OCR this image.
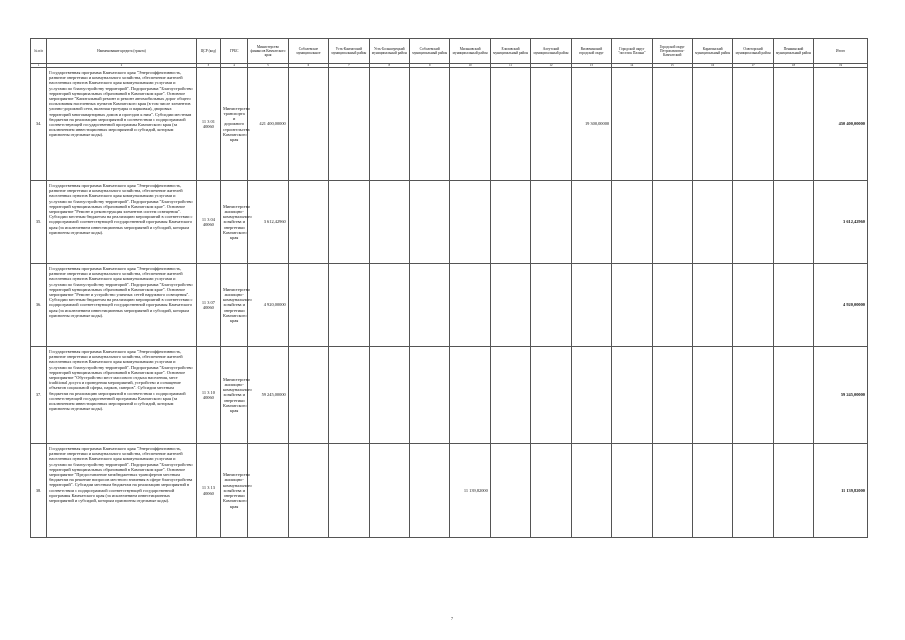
№ п/п	Наименование кредита (гранта)	ЦСР (код)	ГРБС	Министерство финансов Камчатского края	Соболевское муниципальное	Усть-Камчатский муниципальный район	Усть-Большерецкий муниципальный район	Соболевский муниципальный район	Мильковский муниципальный район	Елизовский муниципальный район	Алеутский муниципальный район	Вилючинский городской округ	Городской округ "поселок Палана"	Городской округ Петропавловск-Камчатский	Карагинский муниципальный район	Олюторский муниципальный район	Пенжинский муниципальный район	Итого
1	2	3	4	5	6	7	8	9	10	11	12	13	14	15	16	17	18	19
34.	Государственная программа Камчатского края "Энергоэффективность, развитие энергетики и коммунального хозяйства, обеспечение жителей населенных пунктов Камчатского края коммунальными услугами и услугами по благоустройству территорий". Подпрограмма "Благоустройство территорий муниципальных образований в Камчатском крае". Основное мероприятие "Капитальный ремонт и ремонт автомобильных дорог общего пользования населенных пунктов Камчатского края (в том числе элементов улично-дорожной сети, включая тротуары и парковки), дворовых территорий многоквартирных домов и проездов к ним". Субсидии местным бюджетам на реализацию мероприятий в соответствии с подпрограммой соответствующей государственной программы Камчатского края (за исключением инвестиционных мероприятий и субсидий, которым присвоены отдельные коды).	11 3 01 40060	Министерство транспорта и дорожного строительства Камчатского края	421 400,00000								19 300,00000						450 400,00000
35.	Государственная программа Камчатского края "Энергоэффективность, развитие энергетики и коммунального хозяйства, обеспечение жителей населенных пунктов Камчатского края коммунальными услугами и услугами по благоустройству территорий". Подпрограмма "Благоустройство территорий муниципальных образований в Камчатском крае". Основное мероприятие "Ремонт и реконструкция элементов систем освещения". Субсидии местным бюджетам на реализацию мероприятий в соответствии с подпрограммой соответствующей государственной программы Камчатского края (за исключением инвестиционных мероприятий и субсидий, которым присвоены отдельные коды).	11 3 04 40060	Министерство жилищно-коммунального хозяйства и энергетики Камчатского края	3 612,42960														3 612,42960
36.	Государственная программа Камчатского края "Энергоэффективность, развитие энергетики и коммунального хозяйства, обеспечение жителей населенных пунктов Камчатского края коммунальными услугами и услугами по благоустройству территорий". Подпрограмма "Благоустройство территорий муниципальных образований в Камчатском крае". Основное мероприятие "Ремонт и устройство уличных сетей наружного освещения". Субсидии местным бюджетам на реализацию мероприятий в соответствии с подпрограммой соответствующей государственной программы Камчатского края (за исключением инвестиционных мероприятий и субсидий, которым присвоены отдельные коды).	11 3 07 40060	Министерство жилищно-коммунального хозяйства и энергетики Камчатского края	4 920,00000														4 920,00000
37.	Государственная программа Камчатского края "Энергоэффективность, развитие энергетики и коммунального хозяйства, обеспечение жителей населенных пунктов Камчатского края коммунальными услугами и услугами по благоустройству территорий". Подпрограмма "Благоустройство территорий муниципальных образований в Камчатском крае". Основное мероприятие "Обустройство мест массового отдыха населения, мест traditional досуга и проведения мероприятий, устройство и оснащение объектов социальной сферы, парков, скверов". Субсидии местным бюджетам на реализацию мероприятий в соответствии с подпрограммой соответствующей государственной программы Камчатского края (за исключением инвестиционных мероприятий и субсидий, которым присвоены отдельные коды).	11 3 10 40060	Министерство жилищно-коммунального хозяйства и энергетики Камчатского края	59 245,00000														59 245,00000
38.	Государственная программа Камчатского края "Энергоэффективность, развитие энергетики и коммунального хозяйства, обеспечение жителей населенных пунктов Камчатского края коммунальными услугами и услугами по благоустройству территорий". Подпрограмма "Благоустройство территорий муниципальных образований в Камчатском крае". Основное мероприятие "Предоставление межбюджетных трансфертов местным бюджетам на решение вопросов местного значения в сфере благоустройства территорий". Субсидии местным бюджетам на реализацию мероприятий в соответствии с подпрограммой соответствующей государственной программы Камчатского края (за исключением инвестиционных мероприятий и субсидий, которым присвоены отдельные коды).	11 3 13 40060	Министерство жилищно-коммунального хозяйства и энергетики Камчатского края						11 139,82000									11 139,82000
7
